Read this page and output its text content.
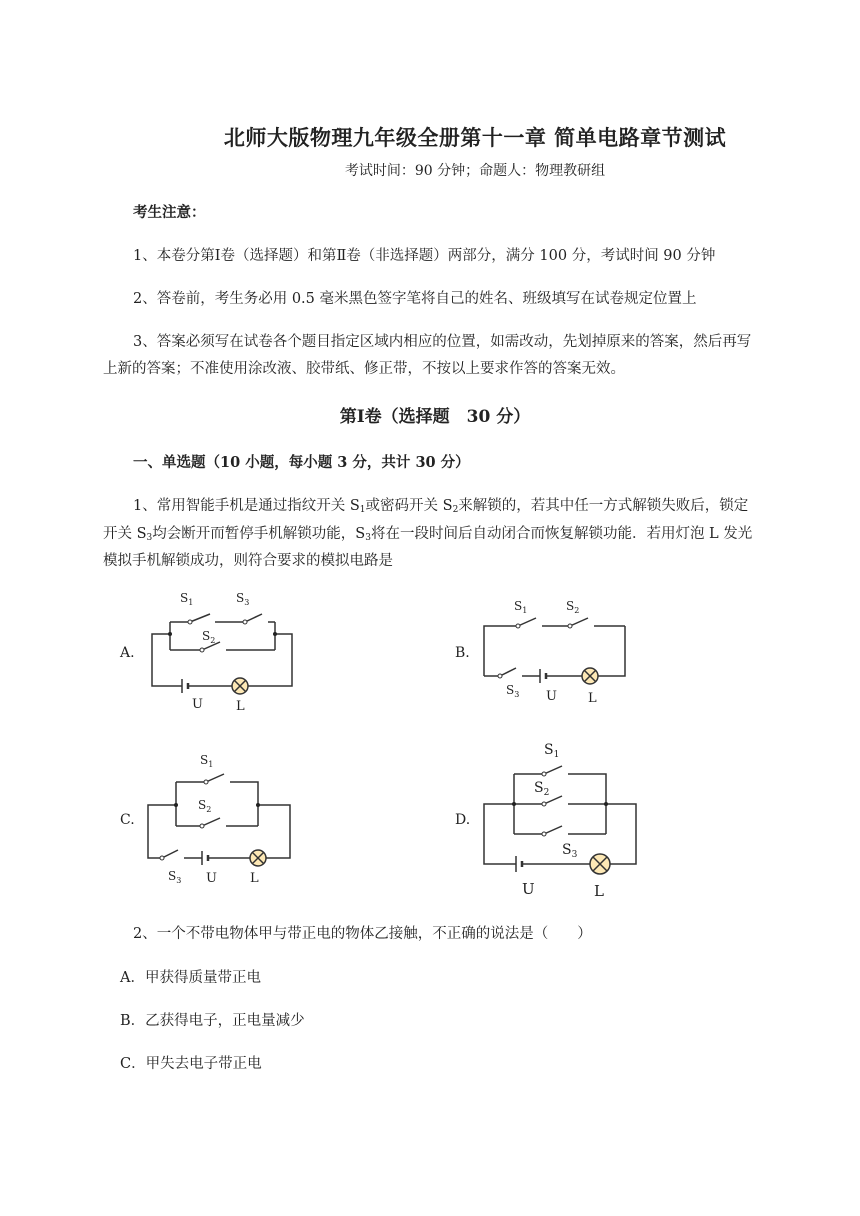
北师大版物理九年级全册第十一章 简单电路章节测试
考试时间：90 分钟；命题人：物理教研组
考生注意：
1、本卷分第Ⅰ卷（选择题）和第Ⅱ卷（非选择题）两部分，满分 100 分，考试时间 90 分钟
2、答卷前，考生务必用 0.5 毫米黑色签字笔将自己的姓名、班级填写在试卷规定位置上
3、答案必须写在试卷各个题目指定区域内相应的位置，如需改动，先划掉原来的答案，然后再写
上新的答案；不准使用涂改液、胶带纸、修正带，不按以上要求作答的答案无效。
第Ⅰ卷（选择题　30 分）
一、单选题（10 小题，每小题 3 分，共计 30 分）
1、常用智能手机是通过指纹开关 $S_1$或密码开关 $S_2$来解锁的，若其中任一方式解锁失败后，锁定
开关 $S_3$均会断开而暂停手机解锁功能，$S_3$将在一段时间后自动闭合而恢复解锁功能．若用灯泡 L 发光
模拟手机解锁成功，则符合要求的模拟电路是
A.	B.
C.	D.
$S_1$	$S_3$
$S_2$
U	L
$S_1$	$S_2$
$S_3$ U L
$S_1$
$S_2$
$S_3$ U	L
$S_1$
$S_2$
$S_3$
U	L
2、一个不带电物体甲与带正电的物体乙接触，不正确的说法是（　　）
A．甲获得质量带正电
B．乙获得电子，正电量减少
C．甲失去电子带正电
